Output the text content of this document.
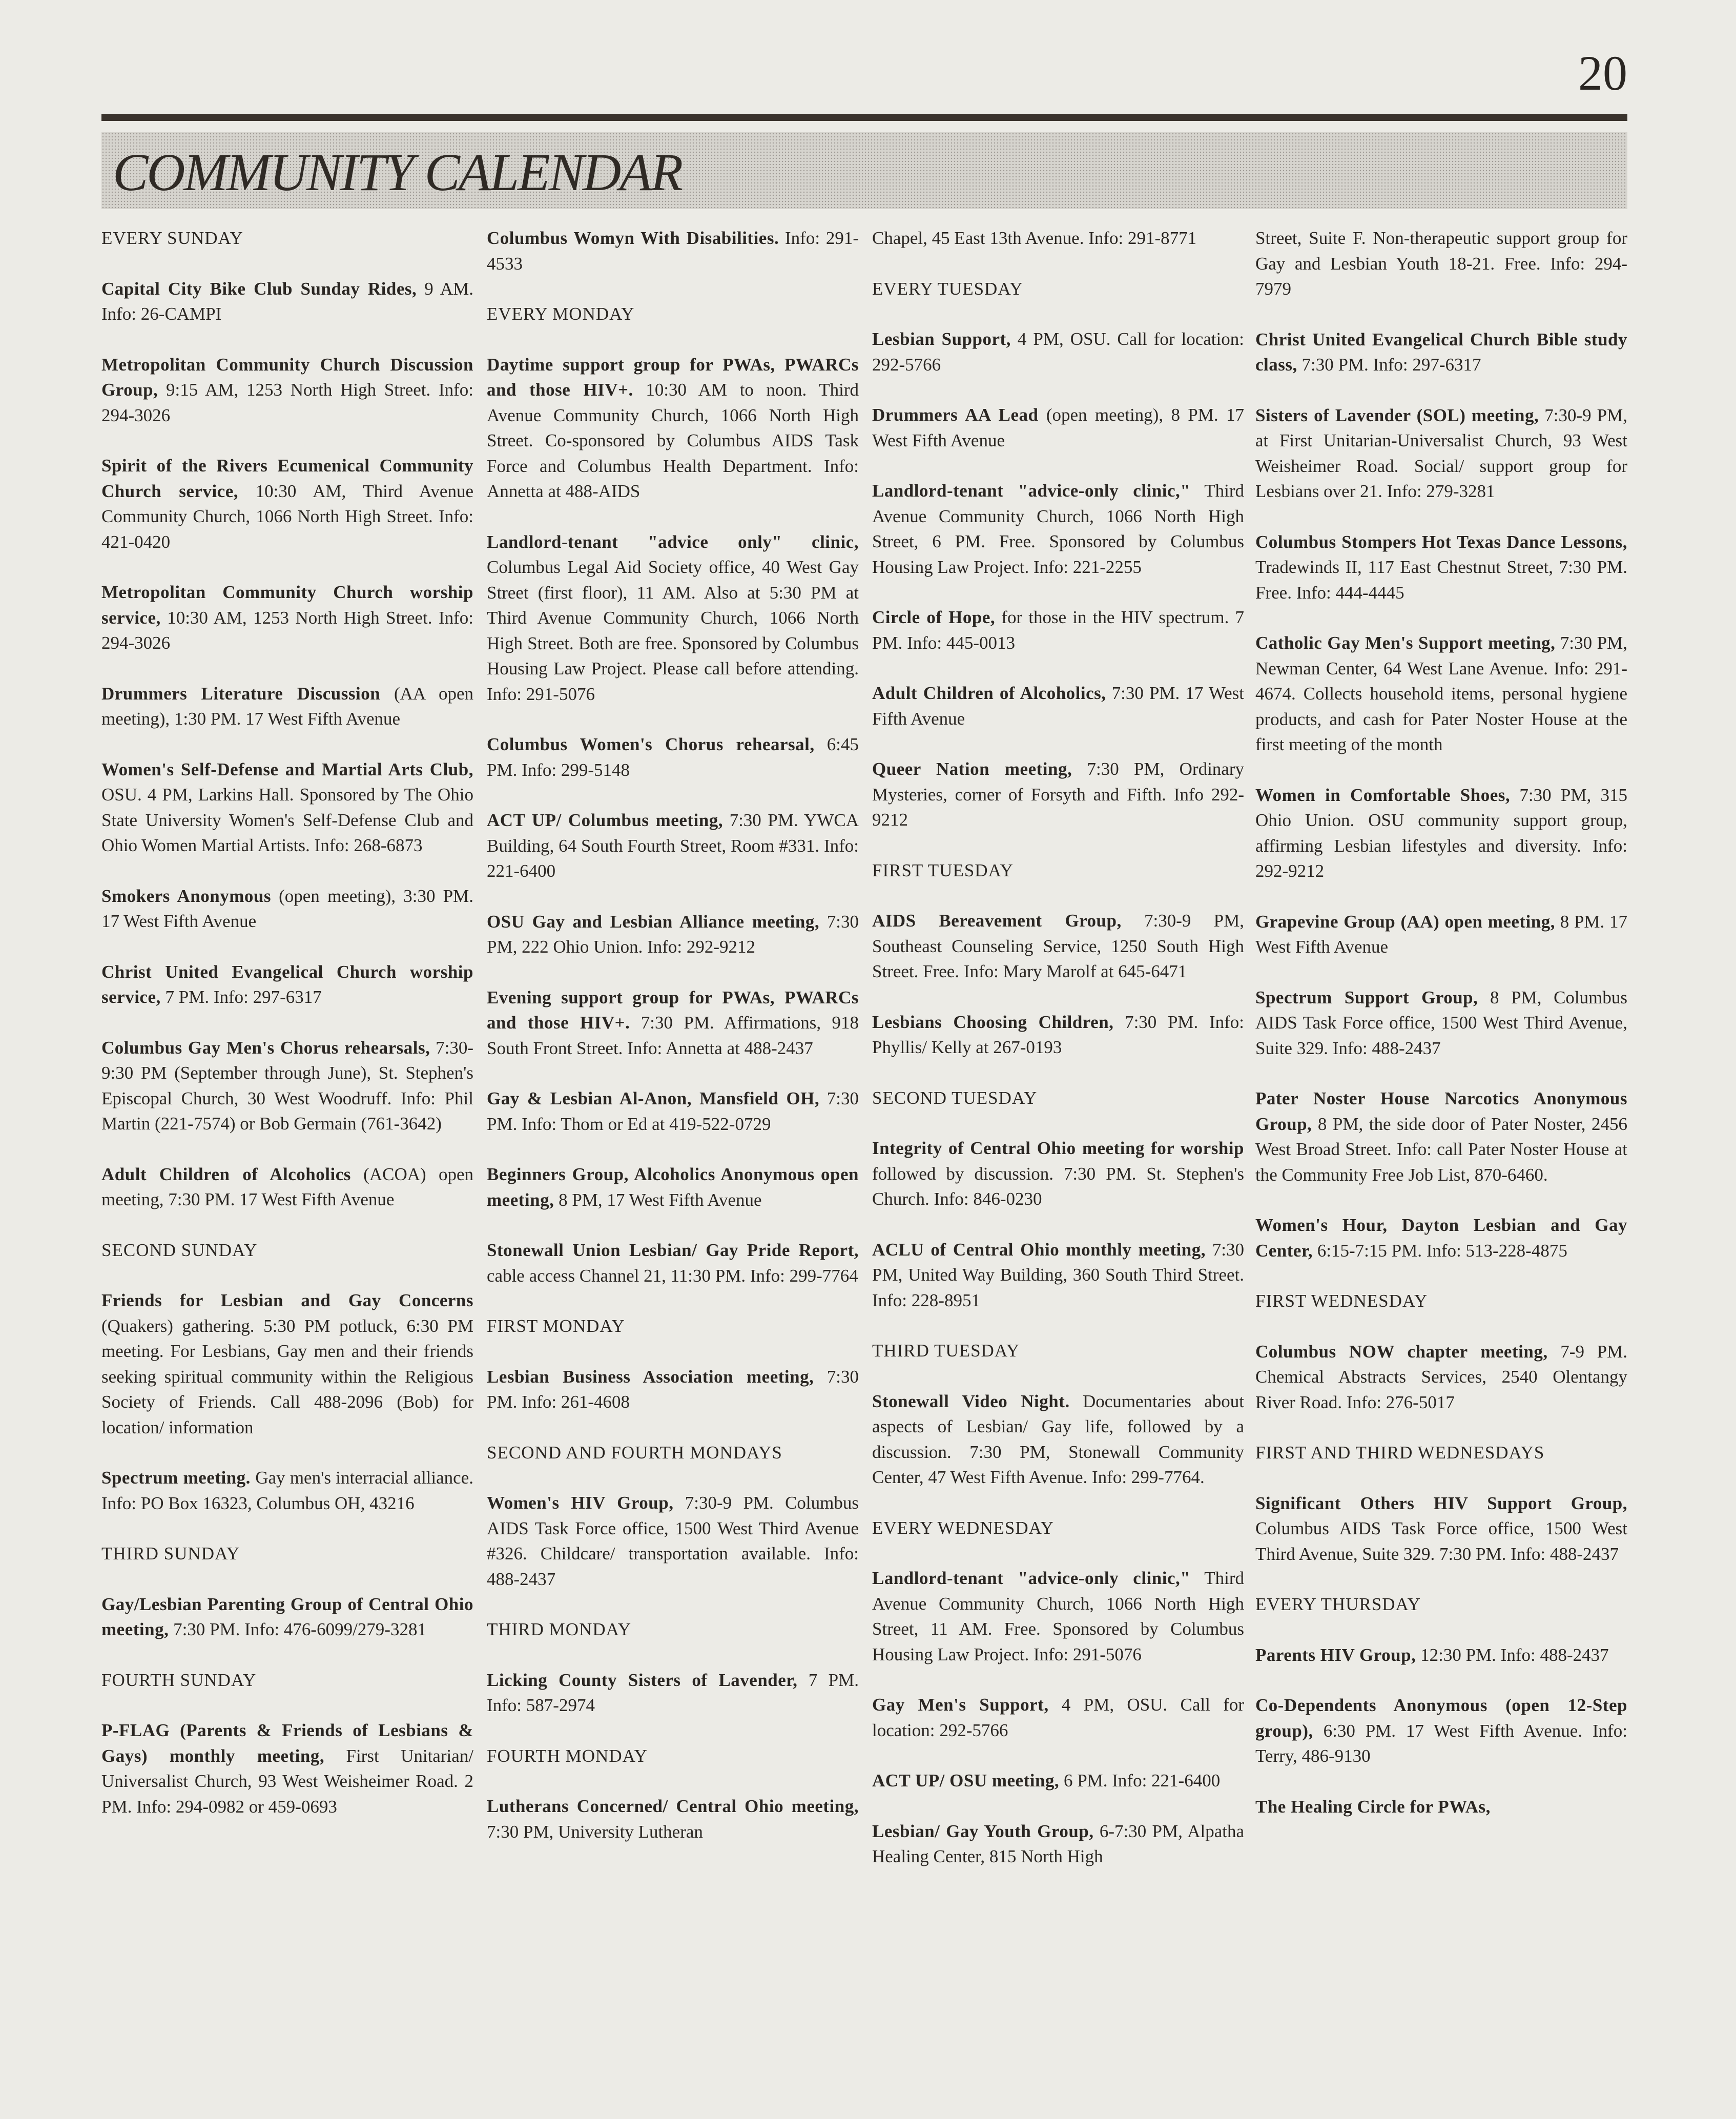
20
COMMUNITY CALENDAR
EVERY SUNDAY
Capital City Bike Club Sunday Rides, 9 AM. Info: 26-CAMPI
Metropolitan Community Church Discussion Group, 9:15 AM, 1253 North High Street. Info: 294-3026
Spirit of the Rivers Ecumenical Community Church service, 10:30 AM, Third Avenue Community Church, 1066 North High Street. Info: 421-0420
Metropolitan Community Church worship service, 10:30 AM, 1253 North High Street. Info: 294-3026
Drummers Literature Discussion (AA open meeting), 1:30 PM. 17 West Fifth Avenue
Women's Self-Defense and Martial Arts Club, OSU. 4 PM, Larkins Hall. Sponsored by The Ohio State University Women's Self-Defense Club and Ohio Women Martial Artists. Info: 268-6873
Smokers Anonymous (open meeting), 3:30 PM. 17 West Fifth Avenue
Christ United Evangelical Church worship service, 7 PM. Info: 297-6317
Columbus Gay Men's Chorus rehearsals, 7:30-9:30 PM (September through June), St. Stephen's Episcopal Church, 30 West Woodruff. Info: Phil Martin (221-7574) or Bob Germain (761-3642)
Adult Children of Alcoholics (ACOA) open meeting, 7:30 PM. 17 West Fifth Avenue
SECOND SUNDAY
Friends for Lesbian and Gay Concerns (Quakers) gathering. 5:30 PM potluck, 6:30 PM meeting. For Lesbians, Gay men and their friends seeking spiritual community within the Religious Society of Friends. Call 488-2096 (Bob) for location/ information
Spectrum meeting. Gay men's interracial alliance. Info: PO Box 16323, Columbus OH, 43216
THIRD SUNDAY
Gay/Lesbian Parenting Group of Central Ohio meeting, 7:30 PM. Info: 476-6099/279-3281
FOURTH SUNDAY
P-FLAG (Parents & Friends of Lesbians & Gays) monthly meeting, First Unitarian/ Universalist Church, 93 West Weisheimer Road. 2 PM. Info: 294-0982 or 459-0693
Columbus Womyn With Disabilities. Info: 291-4533
EVERY MONDAY
Daytime support group for PWAs, PWARCs and those HIV+. 10:30 AM to noon. Third Avenue Community Church, 1066 North High Street. Co-sponsored by Columbus AIDS Task Force and Columbus Health Department. Info: Annetta at 488-AIDS
Landlord-tenant "advice only" clinic, Columbus Legal Aid Society office, 40 West Gay Street (first floor), 11 AM. Also at 5:30 PM at Third Avenue Community Church, 1066 North High Street. Both are free. Sponsored by Columbus Housing Law Project. Please call before attending. Info: 291-5076
Columbus Women's Chorus rehearsal, 6:45 PM. Info: 299-5148
ACT UP/ Columbus meeting, 7:30 PM. YWCA Building, 64 South Fourth Street, Room #331. Info: 221-6400
OSU Gay and Lesbian Alliance meeting, 7:30 PM, 222 Ohio Union. Info: 292-9212
Evening support group for PWAs, PWARCs and those HIV+. 7:30 PM. Affirmations, 918 South Front Street. Info: Annetta at 488-2437
Gay & Lesbian Al-Anon, Mansfield OH, 7:30 PM. Info: Thom or Ed at 419-522-0729
Beginners Group, Alcoholics Anonymous open meeting, 8 PM, 17 West Fifth Avenue
Stonewall Union Lesbian/ Gay Pride Report, cable access Channel 21, 11:30 PM. Info: 299-7764
FIRST MONDAY
Lesbian Business Association meeting, 7:30 PM. Info: 261-4608
SECOND AND FOURTH MONDAYS
Women's HIV Group, 7:30-9 PM. Columbus AIDS Task Force office, 1500 West Third Avenue #326. Childcare/ transportation available. Info: 488-2437
THIRD MONDAY
Licking County Sisters of Lavender, 7 PM. Info: 587-2974
FOURTH MONDAY
Lutherans Concerned/ Central Ohio meeting, 7:30 PM, University Lutheran
Chapel, 45 East 13th Avenue. Info: 291-8771
EVERY TUESDAY
Lesbian Support, 4 PM, OSU. Call for location: 292-5766
Drummers AA Lead (open meeting), 8 PM. 17 West Fifth Avenue
Landlord-tenant "advice-only clinic," Third Avenue Community Church, 1066 North High Street, 6 PM. Free. Sponsored by Columbus Housing Law Project. Info: 221-2255
Circle of Hope, for those in the HIV spectrum. 7 PM. Info: 445-0013
Adult Children of Alcoholics, 7:30 PM. 17 West Fifth Avenue
Queer Nation meeting, 7:30 PM, Ordinary Mysteries, corner of Forsyth and Fifth. Info 292-9212
FIRST TUESDAY
AIDS Bereavement Group, 7:30-9 PM, Southeast Counseling Service, 1250 South High Street. Free. Info: Mary Marolf at 645-6471
Lesbians Choosing Children, 7:30 PM. Info: Phyllis/ Kelly at 267-0193
SECOND TUESDAY
Integrity of Central Ohio meeting for worship followed by discussion. 7:30 PM. St. Stephen's Church. Info: 846-0230
ACLU of Central Ohio monthly meeting, 7:30 PM, United Way Building, 360 South Third Street. Info: 228-8951
THIRD TUESDAY
Stonewall Video Night. Documentaries about aspects of Lesbian/ Gay life, followed by a discussion. 7:30 PM, Stonewall Community Center, 47 West Fifth Avenue. Info: 299-7764.
EVERY WEDNESDAY
Landlord-tenant "advice-only clinic," Third Avenue Community Church, 1066 North High Street, 11 AM. Free. Sponsored by Columbus Housing Law Project. Info: 291-5076
Gay Men's Support, 4 PM, OSU. Call for location: 292-5766
ACT UP/ OSU meeting, 6 PM. Info: 221-6400
Lesbian/ Gay Youth Group, 6-7:30 PM, Alpatha Healing Center, 815 North High
Street, Suite F. Non-therapeutic support group for Gay and Lesbian Youth 18-21. Free. Info: 294-7979
Christ United Evangelical Church Bible study class, 7:30 PM. Info: 297-6317
Sisters of Lavender (SOL) meeting, 7:30-9 PM, at First Unitarian-Universalist Church, 93 West Weisheimer Road. Social/ support group for Lesbians over 21. Info: 279-3281
Columbus Stompers Hot Texas Dance Lessons, Tradewinds II, 117 East Chestnut Street, 7:30 PM. Free. Info: 444-4445
Catholic Gay Men's Support meeting, 7:30 PM, Newman Center, 64 West Lane Avenue. Info: 291-4674. Collects household items, personal hygiene products, and cash for Pater Noster House at the first meeting of the month
Women in Comfortable Shoes, 7:30 PM, 315 Ohio Union. OSU community support group, affirming Lesbian lifestyles and diversity. Info: 292-9212
Grapevine Group (AA) open meeting, 8 PM. 17 West Fifth Avenue
Spectrum Support Group, 8 PM, Columbus AIDS Task Force office, 1500 West Third Avenue, Suite 329. Info: 488-2437
Pater Noster House Narcotics Anonymous Group, 8 PM, the side door of Pater Noster, 2456 West Broad Street. Info: call Pater Noster House at the Community Free Job List, 870-6460.
Women's Hour, Dayton Lesbian and Gay Center, 6:15-7:15 PM. Info: 513-228-4875
FIRST WEDNESDAY
Columbus NOW chapter meeting, 7-9 PM. Chemical Abstracts Services, 2540 Olentangy River Road. Info: 276-5017
FIRST AND THIRD WEDNESDAYS
Significant Others HIV Support Group, Columbus AIDS Task Force office, 1500 West Third Avenue, Suite 329. 7:30 PM. Info: 488-2437
EVERY THURSDAY
Parents HIV Group, 12:30 PM. Info: 488-2437
Co-Dependents Anonymous (open 12-Step group), 6:30 PM. 17 West Fifth Avenue. Info: Terry, 486-9130
The Healing Circle for PWAs,
